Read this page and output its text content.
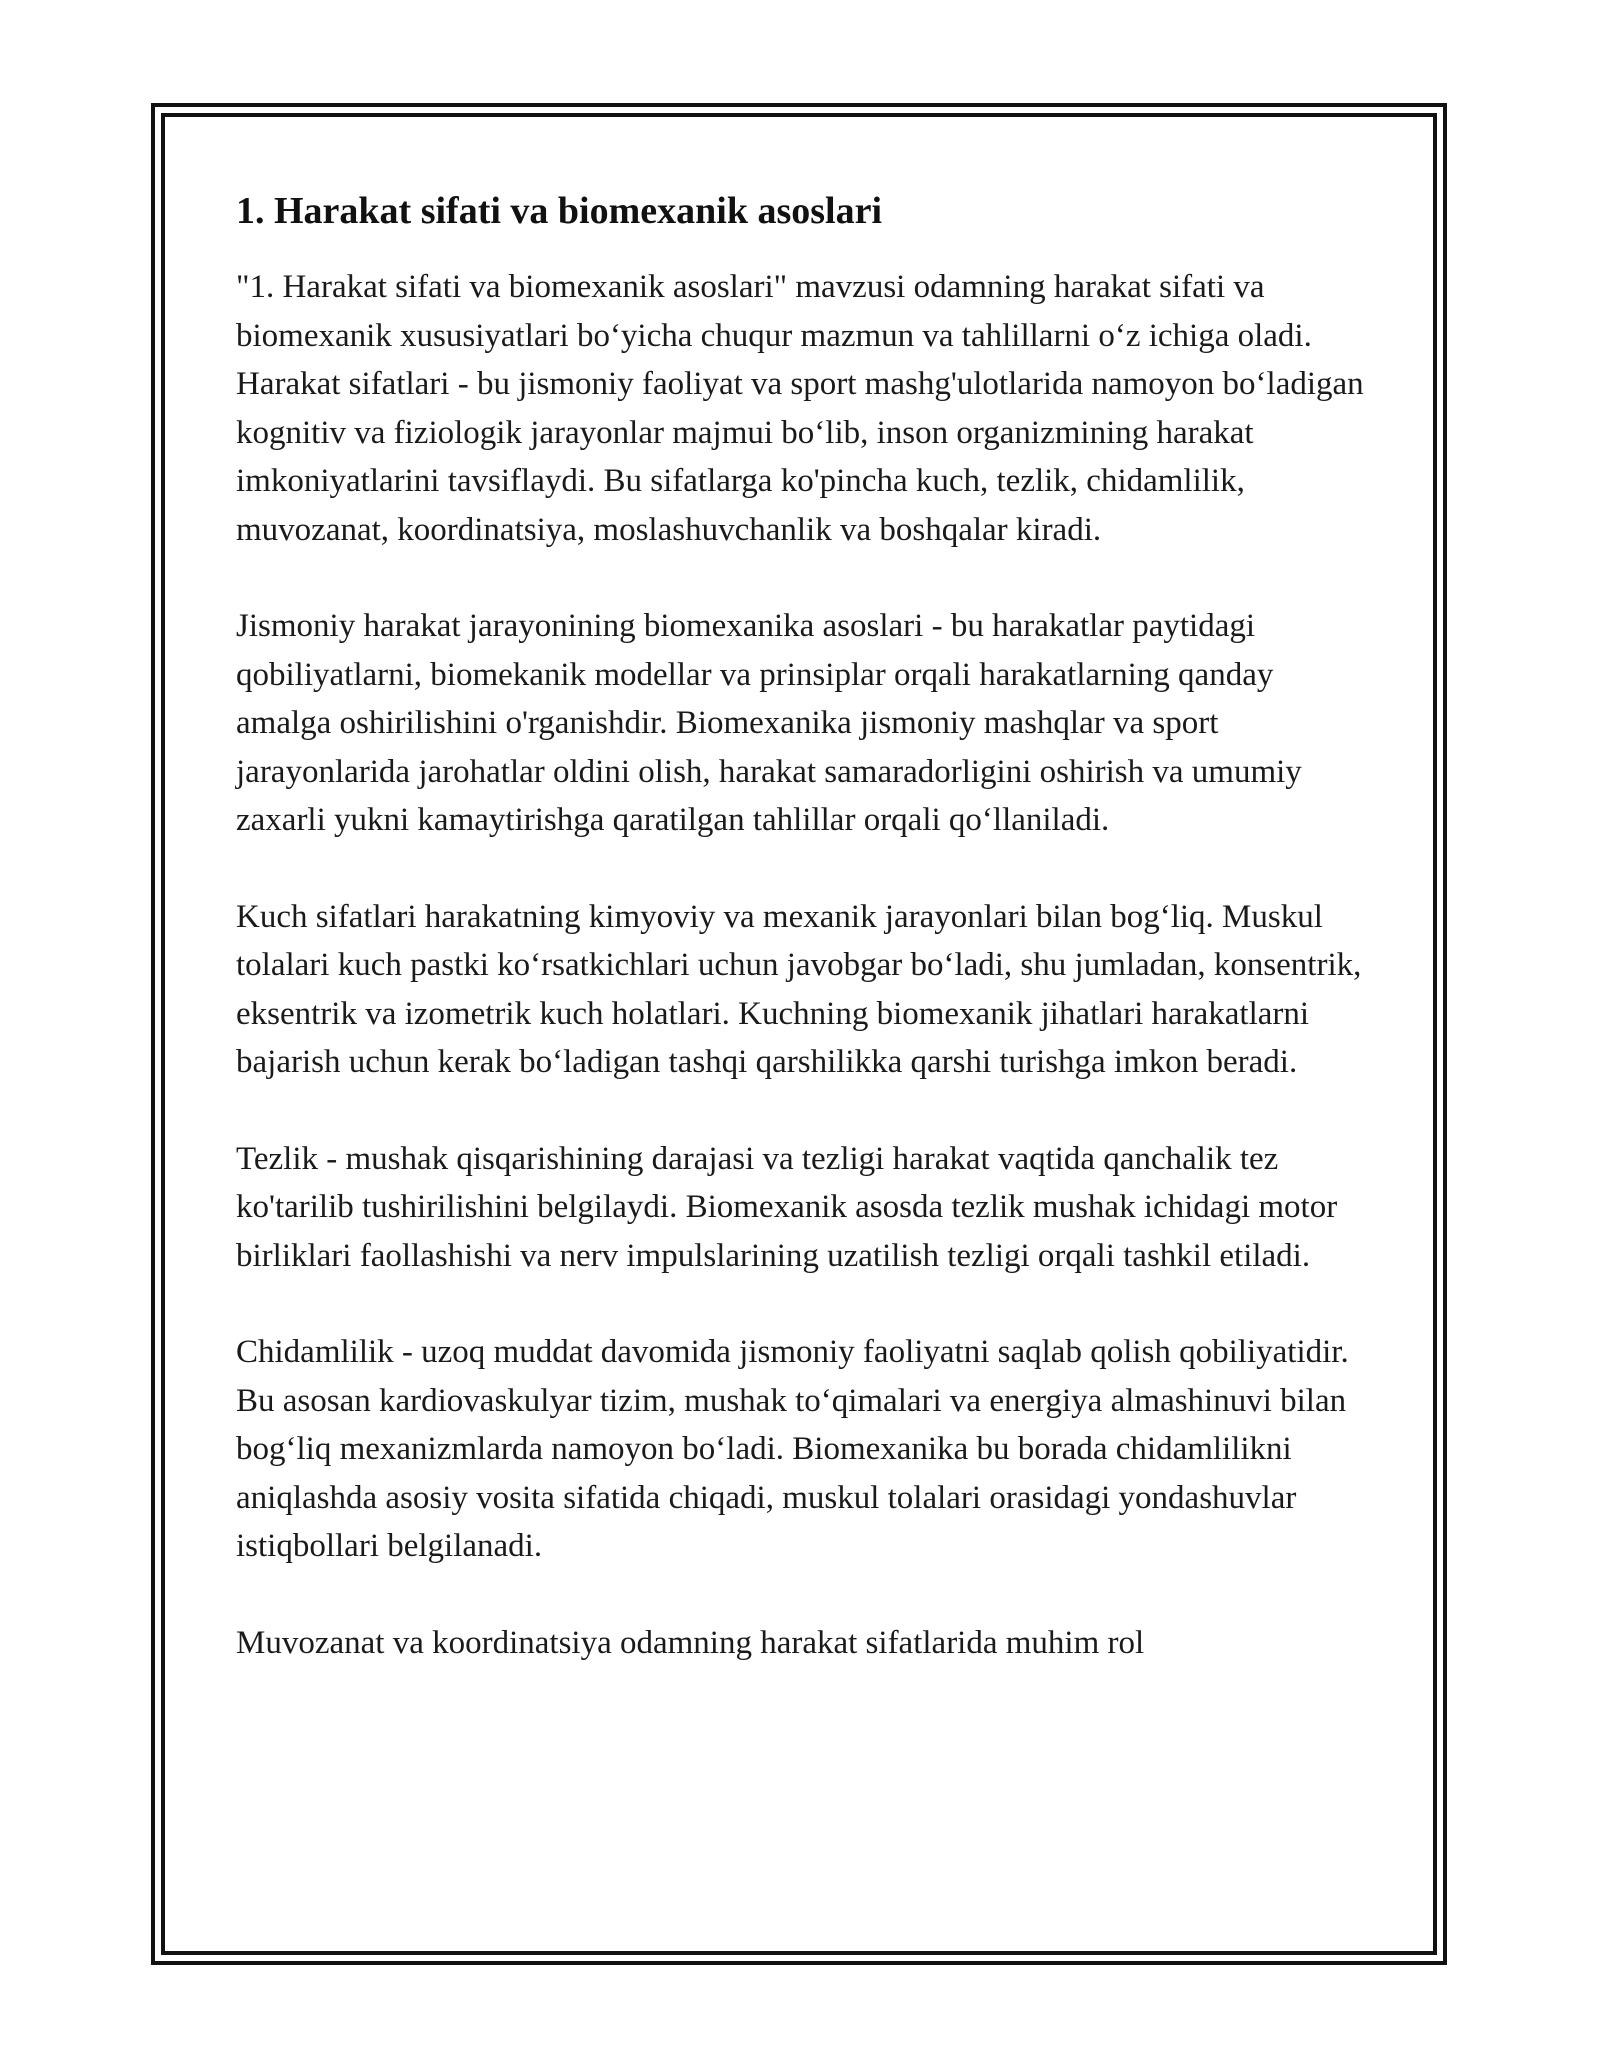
1. Harakat sifati va biomexanik asoslari

"1. Harakat sifati va biomexanik asoslari" mavzusi odamning harakat sifati va biomexanik xususiyatlari bo‘yicha chuqur mazmun va tahlillarni o‘z ichiga oladi. Harakat sifatlari - bu jismoniy faoliyat va sport mashg'ulotlarida namoyon bo‘ladigan kognitiv va fiziologik jarayonlar majmui bo‘lib, inson organizmining harakat imkoniyatlarini tavsiflaydi. Bu sifatlarga ko'pincha kuch, tezlik, chidamlilik, muvozanat, koordinatsiya, moslashuvchanlik va boshqalar kiradi.

Jismoniy harakat jarayonining biomexanika asoslari - bu harakatlar paytidagi qobiliyatlarni, biomekanik modellar va prinsiplar orqali harakatlarning qanday amalga oshirilishini o'rganishdir. Biomexanika jismoniy mashqlar va sport jarayonlarida jarohatlar oldini olish, harakat samaradorligini oshirish va umumiy zaxarli yukni kamaytirishga qaratilgan tahlillar orqali qo‘llaniladi.

Kuch sifatlari harakatning kimyoviy va mexanik jarayonlari bilan bog‘liq. Muskul tolalari kuch pastki ko‘rsatkichlari uchun javobgar bo‘ladi, shu jumladan, konsentrik, eksentrik va izometrik kuch holatlari. Kuchning biomexanik jihatlari harakatlarni bajarish uchun kerak bo‘ladigan tashqi qarshilikka qarshi turishga imkon beradi.

Tezlik - mushak qisqarishining darajasi va tezligi harakat vaqtida qanchalik tez ko'tarilib tushirilishini belgilaydi. Biomexanik asosda tezlik mushak ichidagi motor birliklari faollashishi va nerv impulslarining uzatilish tezligi orqali tashkil etiladi.

Chidamlilik - uzoq muddat davomida jismoniy faoliyatni saqlab qolish qobiliyatidir. Bu asosan kardiovaskulyar tizim, mushak to‘qimalari va energiya almashinuvi bilan bog‘liq mexanizmlarda namoyon bo‘ladi. Biomexanika bu borada chidamlilikni aniqlashda asosiy vosita sifatida chiqadi, muskul tolalari orasidagi yondashuvlar istiqbollari belgilanadi.

Muvozanat va koordinatsiya odamning harakat sifatlarida muhim rol
